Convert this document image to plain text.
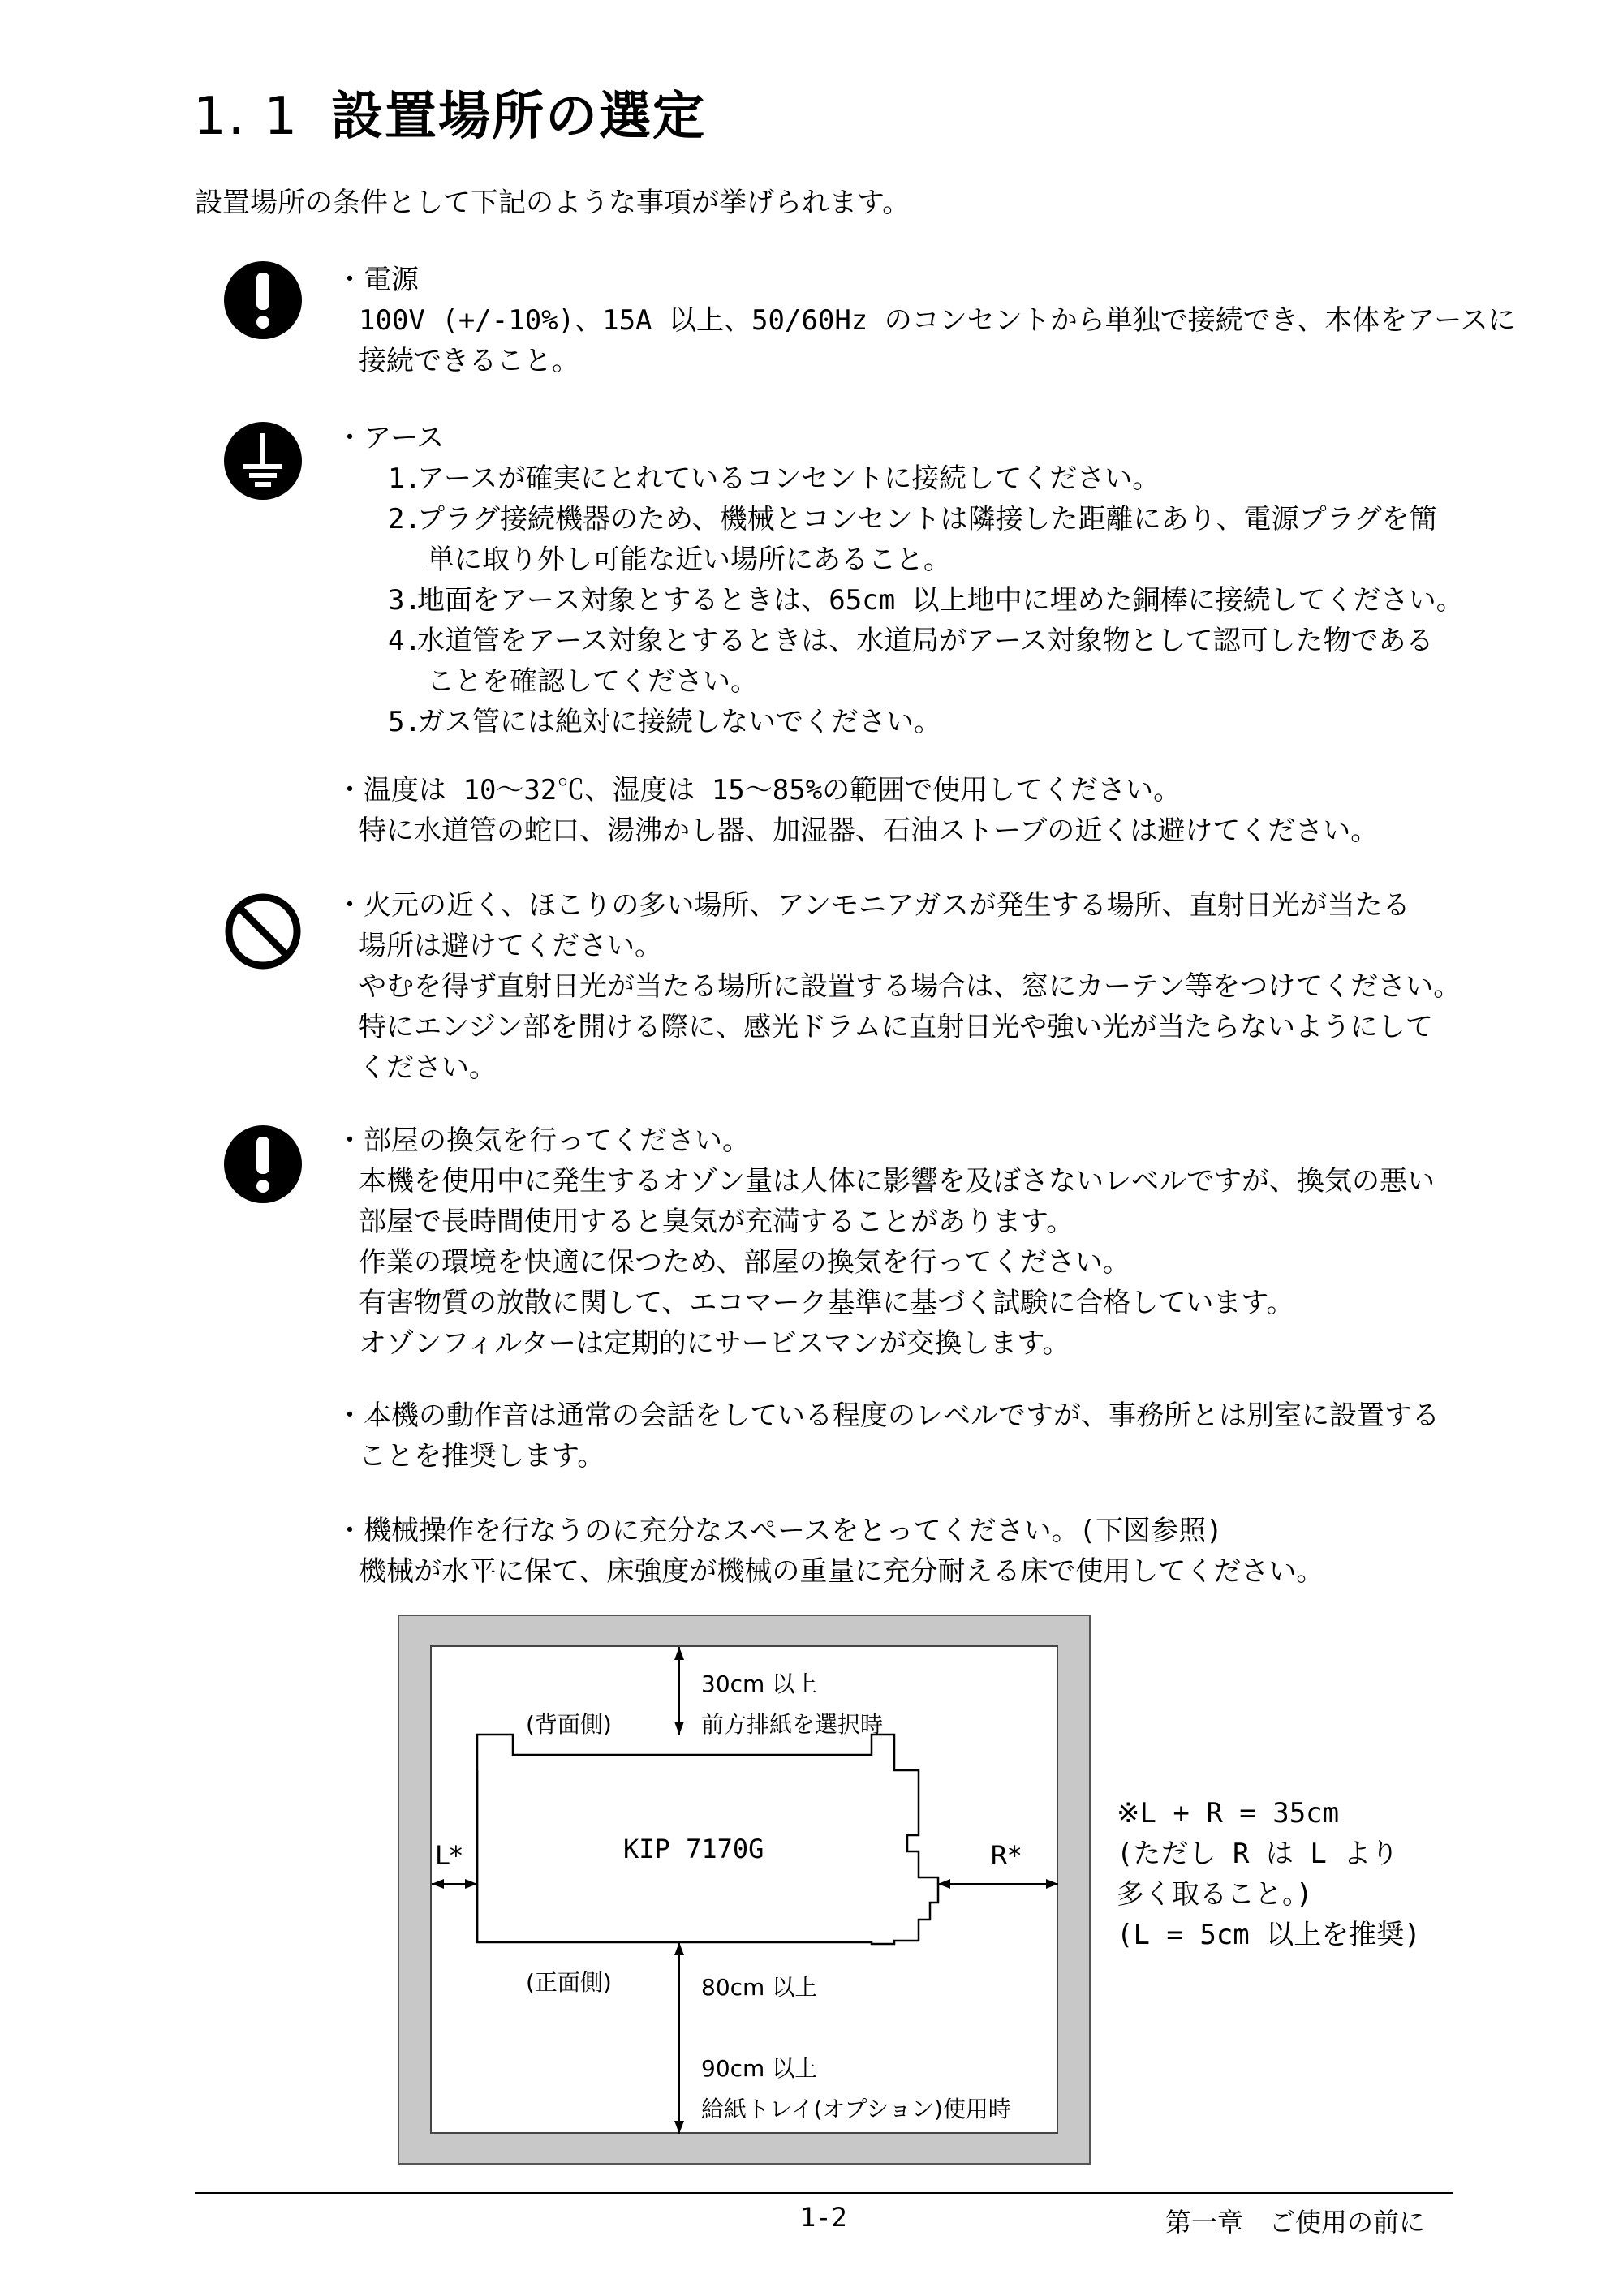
1. 1 設置場所の選定
設置場所の条件として下記のような事項が挙げられます。

・電源

100V (+/-10%)、15A 以上、50/60Hz のコンセントから単独で接続でき、本体をアースに

接続できること。

・アース

1.
アースが確実にとれているコンセントに接続してください。
2.
プラグ接続機器のため、機械とコンセントは隣接した距離にあり、電源プラグを簡
単に取り外し可能な近い場所にあること。
3.
地面をアース対象とするときは、65cm 以上地中に埋めた銅棒に接続してください。
4.
水道管をアース対象とするときは、水道局がアース対象物として認可した物である
ことを確認してください。
5.
ガス管には絶対に接続しないでください。

・温度は 10～32℃、湿度は 15～85%の範囲で使用してください。

特に水道管の蛇口、湯沸かし器、加湿器、石油ストーブの近くは避けてください。

・火元の近く、ほこりの多い場所、アンモニアガスが発生する場所、直射日光が当たる

場所は避けてください。

やむを得ず直射日光が当たる場所に設置する場合は、窓にカーテン等をつけてください。

特にエンジン部を開ける際に、感光ドラムに直射日光や強い光が当たらないようにして

ください。

・部屋の換気を行ってください。

本機を使用中に発生するオゾン量は人体に影響を及ぼさないレベルですが、換気の悪い

部屋で長時間使用すると臭気が充満することがあります。

作業の環境を快適に保つため、部屋の換気を行ってください。

有害物質の放散に関して、エコマーク基準に基づく試験に合格しています。

オゾンフィルターは定期的にサービスマンが交換します。

・本機の動作音は通常の会話をしている程度のレベルですが、事務所とは別室に設置する

ことを推奨します。

・機械操作を行なうのに充分なスペースをとってください。(下図参照)

機械が水平に保て、床強度が機械の重量に充分耐える床で使用してください。

30cm 以上
前方排紙を選択時
(背面側)
KIP 7170G
L*	R*
(正面側)	80cm 以上
90cm 以上
給紙トレイ(オプション)使用時

※L + R = 35cm

(ただし R は L より

多く取ること。)

(L = 5cm 以上を推奨)

1-2	第一章　ご使用の前に
